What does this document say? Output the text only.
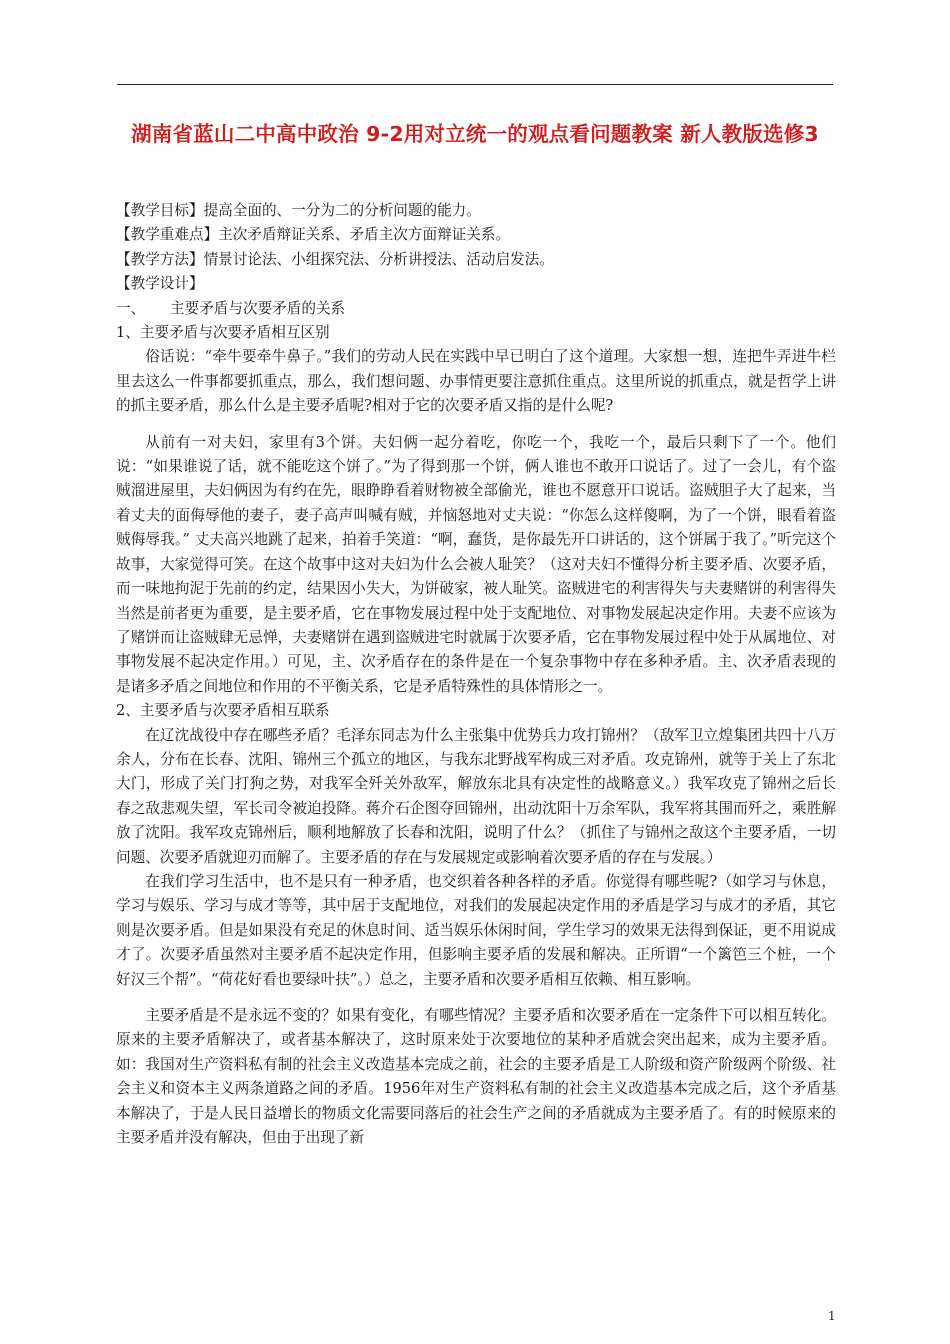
湖南省蓝山二中高中政治 9-2用对立统一的观点看问题教案 新人教版选修3

【教学目标】提高全面的、一分为二的分析问题的能力。

【教学重难点】主次矛盾辩证关系、矛盾主次方面辩证关系。

【教学方法】情景讨论法、小组探究法、分析讲授法、活动启发法。

【教学设计】

一、 主要矛盾与次要矛盾的关系

1、主要矛盾与次要矛盾相互区别

俗话说：“牵牛要牵牛鼻子。”我们的劳动人民在实践中早已明白了这个道理。大家想一想，连把牛弄进牛栏里去这么一件事都要抓重点，那么，我们想问题、办事情更要注意抓住重点。这里所说的抓重点，就是哲学上讲的抓主要矛盾，那么什么是主要矛盾呢?相对于它的次要矛盾又指的是什么呢?

从前有一对夫妇，家里有3个饼。夫妇俩一起分着吃，你吃一个，我吃一个，最后只剩下了一个。他们说：“如果谁说了话，就不能吃这个饼了。”为了得到那一个饼，俩人谁也不敢开口说话了。过了一会儿，有个盗贼溜进屋里，夫妇俩因为有约在先，眼睁睁看着财物被全部偷光，谁也不愿意开口说话。盗贼胆子大了起来，当着丈夫的面侮辱他的妻子，妻子高声叫喊有贼，并恼怒地对丈夫说：“你怎么这样傻啊，为了一个饼，眼看着盗贼侮辱我。” 丈夫高兴地跳了起来，拍着手笑道：“啊，蠢货，是你最先开口讲话的，这个饼属于我了。”听完这个故事，大家觉得可笑。在这个故事中这对夫妇为什么会被人耻笑？（这对夫妇不懂得分析主要矛盾、次要矛盾，而一味地拘泥于先前的约定，结果因小失大，为饼破家，被人耻笑。盗贼进宅的利害得失与夫妻赌饼的利害得失当然是前者更为重要，是主要矛盾，它在事物发展过程中处于支配地位、对事物发展起决定作用。夫妻不应该为了赌饼而让盗贼肆无忌惮，夫妻赌饼在遇到盗贼进宅时就属于次要矛盾，它在事物发展过程中处于从属地位、对事物发展不起决定作用。）可见，主、次矛盾存在的条件是在一个复杂事物中存在多种矛盾。主、次矛盾表现的是诸多矛盾之间地位和作用的不平衡关系，它是矛盾特殊性的具体情形之一。

2、主要矛盾与次要矛盾相互联系

在辽沈战役中存在哪些矛盾？毛泽东同志为什么主张集中优势兵力攻打锦州？（敌军卫立煌集团共四十八万余人，分布在长春、沈阳、锦州三个孤立的地区，与我东北野战军构成三对矛盾。攻克锦州，就等于关上了东北大门，形成了关门打狗之势，对我军全歼关外敌军，解放东北具有决定性的战略意义。）我军攻克了锦州之后长春之敌悲观失望，军长司令被迫投降。蒋介石企图夺回锦州，出动沈阳十万余军队，我军将其围而歼之，乘胜解放了沈阳。我军攻克锦州后，顺利地解放了长春和沈阳，说明了什么？（抓住了与锦州之敌这个主要矛盾，一切问题、次要矛盾就迎刃而解了。主要矛盾的存在与发展规定或影响着次要矛盾的存在与发展。）

在我们学习生活中，也不是只有一种矛盾，也交织着各种各样的矛盾。你觉得有哪些呢?（如学习与休息，学习与娱乐、学习与成才等等，其中居于支配地位，对我们的发展起决定作用的矛盾是学习与成才的矛盾，其它则是次要矛盾。但是如果没有充足的休息时间、适当娱乐休闲时间，学生学习的效果无法得到保证，更不用说成才了。次要矛盾虽然对主要矛盾不起决定作用，但影响主要矛盾的发展和解决。正所谓“一个篱笆三个桩，一个好汉三个帮”。“荷花好看也要绿叶扶”。）总之，主要矛盾和次要矛盾相互依赖、相互影响。

主要矛盾是不是永远不变的？如果有变化，有哪些情况？主要矛盾和次要矛盾在一定条件下可以相互转化。原来的主要矛盾解决了，或者基本解决了，这时原来处于次要地位的某种矛盾就会突出起来，成为主要矛盾。如：我国对生产资料私有制的社会主义改造基本完成之前，社会的主要矛盾是工人阶级和资产阶级两个阶级、社会主义和资本主义两条道路之间的矛盾。1956年对生产资料私有制的社会主义改造基本完成之后，这个矛盾基本解决了，于是人民日益增长的物质文化需要同落后的社会生产之间的矛盾就成为主要矛盾了。有的时候原来的主要矛盾并没有解决，但由于出现了新

1
